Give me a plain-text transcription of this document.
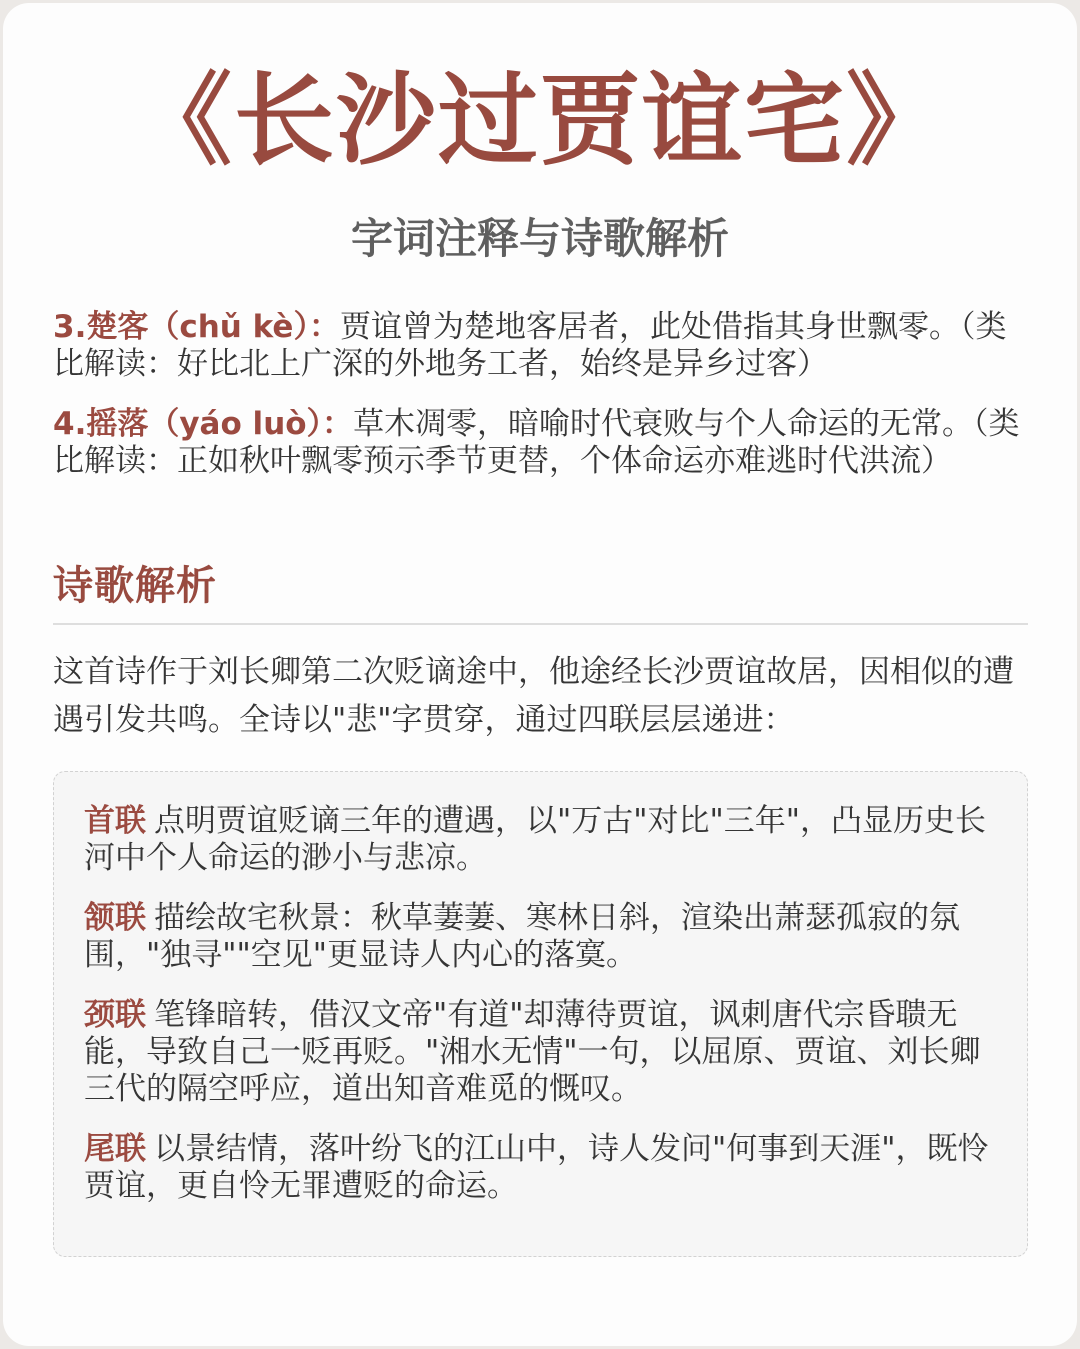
《长沙过贾谊宅》
字词注释与诗歌解析
3.楚客（chǔ kè）：贾谊曾为楚地客居者，此处借指其身世飘零。（类比解读：好比北上广深的外地务工者，始终是异乡过客）
4.摇落（yáo luò）：草木凋零，暗喻时代衰败与个人命运的无常。（类比解读：正如秋叶飘零预示季节更替，个体命运亦难逃时代洪流）
诗歌解析
这首诗作于刘长卿第二次贬谪途中，他途经长沙贾谊故居，因相似的遭遇引发共鸣。全诗以"悲"字贯穿，通过四联层层递进：
首联 点明贾谊贬谪三年的遭遇，以"万古"对比"三年"，凸显历史长河中个人命运的渺小与悲凉。
颔联 描绘故宅秋景：秋草萋萋、寒林日斜，渲染出萧瑟孤寂的氛围，"独寻""空见"更显诗人内心的落寞。
颈联 笔锋暗转，借汉文帝"有道"却薄待贾谊，讽刺唐代宗昏聩无能，导致自己一贬再贬。"湘水无情"一句，以屈原、贾谊、刘长卿三代的隔空呼应，道出知音难觅的慨叹。
尾联 以景结情，落叶纷飞的江山中，诗人发问"何事到天涯"，既怜贾谊，更自怜无罪遭贬的命运。
